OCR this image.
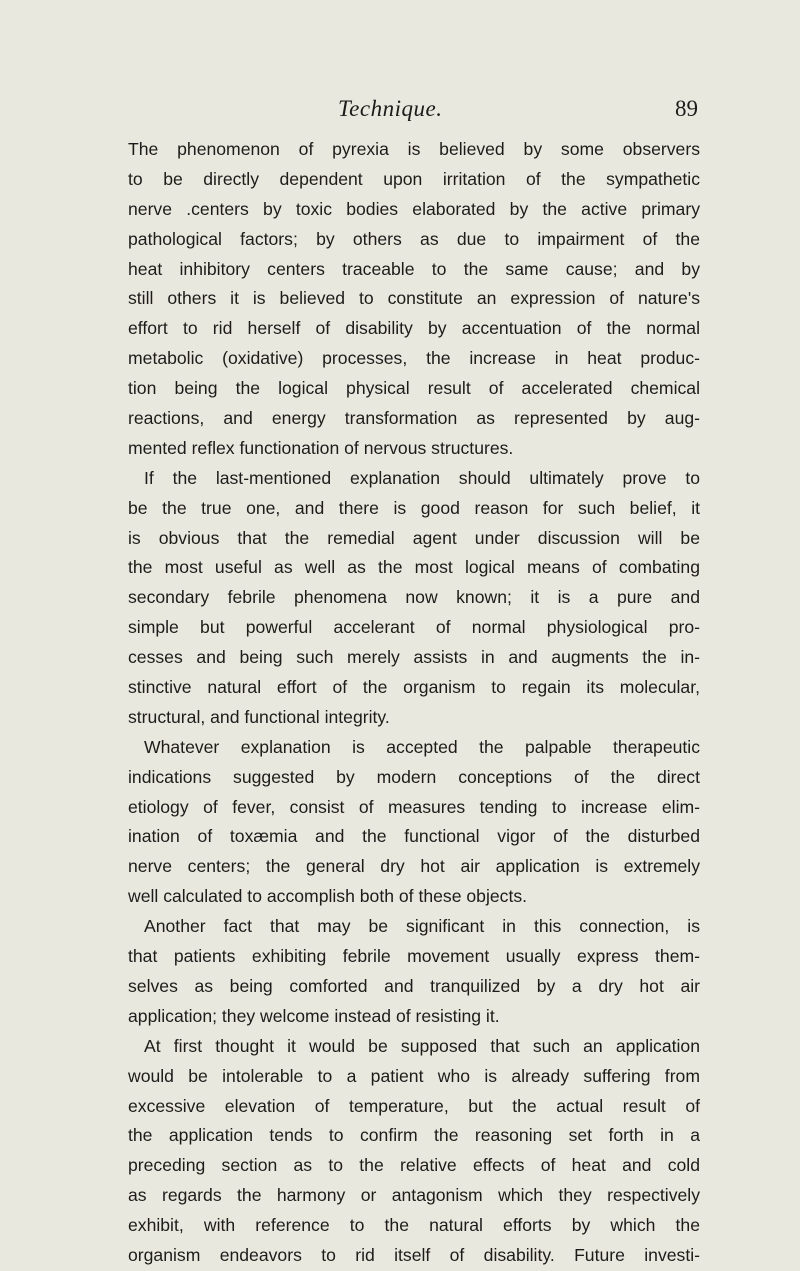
Technique.	89
The phenomenon of pyrexia is believed by some observers
to be directly dependent upon irritation of the sympathetic
nerve .centers by toxic bodies elaborated by the active primary
pathological factors; by others as due to impairment of the
heat inhibitory centers traceable to the same cause; and by
still others it is believed to constitute an expression of nature's
effort to rid herself of disability by accentuation of the normal
metabolic (oxidative) processes, the increase in heat produc-
tion being the logical physical result of accelerated chemical
reactions, and energy transformation as represented by aug-
mented reflex functionation of nervous structures.
If the last-mentioned explanation should ultimately prove to
be the true one, and there is good reason for such belief, it
is obvious that the remedial agent under discussion will be
the most useful as well as the most logical means of combating
secondary febrile phenomena now known; it is a pure and
simple but powerful accelerant of normal physiological pro-
cesses and being such merely assists in and augments the in-
stinctive natural effort of the organism to regain its molecular,
structural, and functional integrity.
Whatever explanation is accepted the palpable therapeutic
indications suggested by modern conceptions of the direct
etiology of fever, consist of measures tending to increase elim-
ination of toxæmia and the functional vigor of the disturbed
nerve centers; the general dry hot air application is extremely
well calculated to accomplish both of these objects.
Another fact that may be significant in this connection, is
that patients exhibiting febrile movement usually express them-
selves as being comforted and tranquilized by a dry hot air
application; they welcome instead of resisting it.
At first thought it would be supposed that such an application
would be intolerable to a patient who is already suffering from
excessive elevation of temperature, but the actual result of
the application tends to confirm the reasoning set forth in a
preceding section as to the relative effects of heat and cold
as regards the harmony or antagonism which they respectively
exhibit, with reference to the natural efforts by which the
organism endeavors to rid itself of disability. Future investi-
